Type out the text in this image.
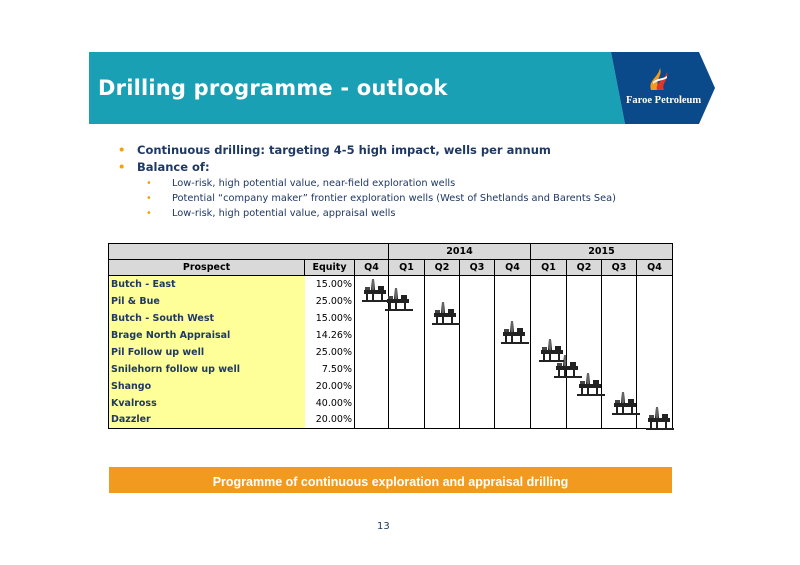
Drilling programme - outlook
Faroe Petroleum
• Continuous drilling: targeting 4-5 high impact, wells per annum
• Balance of:
• Low-risk, high potential value, near-field exploration wells
• Potential “company maker” frontier exploration wells (West of Shetlands and Barents Sea)
• Low-risk, high potential value, appraisal wells
			2014				2015			
Prospect	Equity	Q4	Q1	Q2	Q3	Q4	Q1	Q2	Q3	Q4
Butch - East	15.00%									
Pil & Bue	25.00%									
Butch - South West	15.00%									
Brage North Appraisal	14.26%									
Pil Follow up well	25.00%									
Snilehorn follow up well	7.50%									
Shango	20.00%									
Kvalross	40.00%									
Dazzler	20.00%									
Programme of continuous exploration and appraisal drilling
13
